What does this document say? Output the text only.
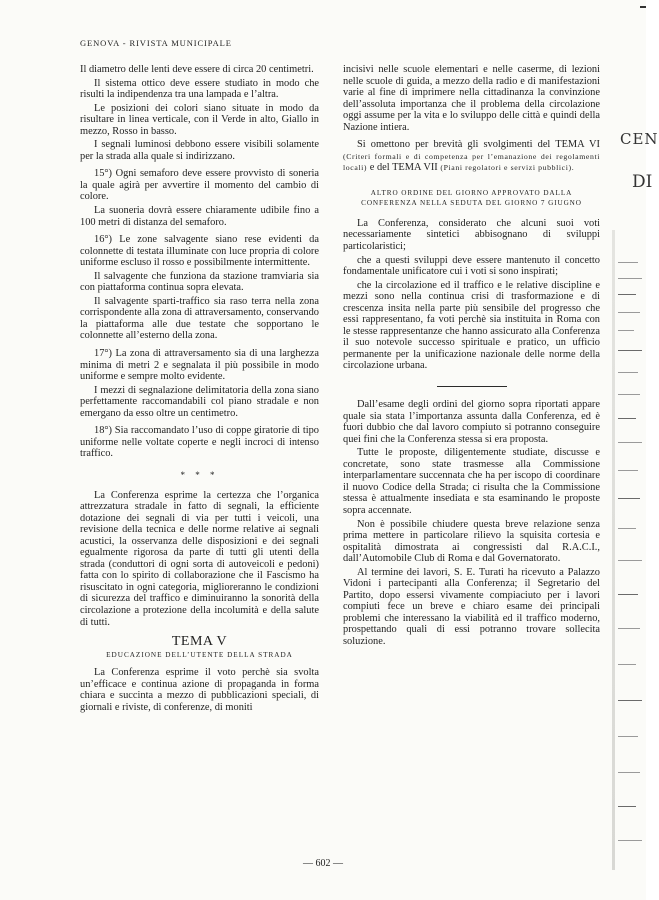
GENOVA - RIVISTA MUNICIPALE

Il diametro delle lenti deve essere di circa 20 centimetri.

Il sistema ottico deve essere studiato in modo che risulti la indipendenza tra una lampada e l’altra.

Le posizioni dei colori siano situate in modo da risultare in linea verticale, con il Verde in alto, Giallo in mezzo, Rosso in basso.

I segnali luminosi debbono essere visibili solamente per la strada alla quale si indirizzano.

15°) Ogni semaforo deve essere provvisto di soneria la quale agirà per avvertire il momento del cambio di colore.

La suoneria dovrà essere chiaramente udibile fino a 100 metri di distanza del semaforo.

16°) Le zone salvagente siano rese evidenti da colonnette di testata illuminate con luce propria di colore uniforme escluso il rosso e possibilmente intermittente.

Il salvagente che funziona da stazione tramviaria sia con piattaforma continua sopra elevata.

Il salvagente sparti-traffico sia raso terra nella zona corrispondente alla zona di attraversamento, conservando la piattaforma alle due testate che sopportano le colonnette all’esterno della zona.

17°) La zona di attraversamento sia di una larghezza minima di metri 2 e segnalata il più possibile in modo uniforme e sempre molto evidente.

I mezzi di segnalazione delimitatoria della zona siano perfettamente raccomandabili col piano stradale e non emergano da esso oltre un centimetro.

18°) Sia raccomandato l’uso di coppe giratorie di tipo uniforme nelle voltate coperte e negli incroci di intenso traffico.

* * *

La Conferenza esprime la certezza che l’organica attrezzatura stradale in fatto di segnali, la efficiente dotazione dei segnali di via per tutti i veicoli, una revisione della tecnica e delle norme relative ai segnali acustici, la osservanza delle disposizioni e dei segnali egualmente rigorosa da parte di tutti gli utenti della strada (conduttori di ogni sorta di autoveicoli e pedoni) fatta con lo spirito di collaborazione che il Fascismo ha risuscitato in ogni categoria, miglioreranno le condizioni di sicurezza del traffico e diminuiranno la sonorità della circolazione a protezione della incolumità e della salute di tutti.

TEMA V
EDUCAZIONE DELL’UTENTE DELLA STRADA

La Conferenza esprime il voto perchè sia svolta un’efficace e continua azione di propaganda in forma chiara e succinta a mezzo di pubblicazioni speciali, di giornali e riviste, di conferenze, di moniti

incisivi nelle scuole elementari e nelle caserme, di lezioni nelle scuole di guida, a mezzo della radio e di manifestazioni varie al fine di imprimere nella cittadinanza la convinzione dell’assoluta importanza che il problema della circolazione oggi assume per la vita e lo sviluppo delle città e quindi della Nazione intiera.

Si omettono per brevità gli svolgimenti del TEMA VI (Criteri formali e di competenza per l’emanazione dei regolamenti locali) e del TEMA VII (Piani regolatori e servizi pubblici).

ALTRO ORDINE DEL GIORNO APPROVATO DALLA CONFERENZA NELLA SEDUTA DEL GIORNO 7 GIUGNO

La Conferenza, considerato che alcuni suoi voti necessariamente sintetici abbisognano di sviluppi particolaristici;

che a questi sviluppi deve essere mantenuto il concetto fondamentale unificatore cui i voti si sono inspirati;

che la circolazione ed il traffico e le relative discipline e mezzi sono nella continua crisi di trasformazione e di crescenza insita nella parte più sensibile del progresso che essi rappresentano, fa voti perchè sia instituita in Roma con le stesse rappresentanze che hanno assicurato alla Conferenza il suo notevole successo spirituale e pratico, un ufficio permanente per la unificazione nazionale delle norme della circolazione urbana.

Dall’esame degli ordini del giorno sopra riportati appare quale sia stata l’importanza assunta dalla Conferenza, ed è fuori dubbio che dal lavoro compiuto si potranno conseguire quei fini che la Conferenza stessa si era proposta.

Tutte le proposte, diligentemente studiate, discusse e concretate, sono state trasmesse alla Commissione interparlamentare succennata che ha per iscopo di coordinare il nuovo Codice della Strada; ci risulta che la Commissione stessa è attualmente insediata e sta esaminando le proposte sopra accennate.

Non è possibile chiudere questa breve relazione senza prima mettere in particolare rilievo la squisita cortesia e ospitalità dimostrata ai congressisti dal R.A.C.I., dall’Automobile Club di Roma e dal Governatorato.

Al termine dei lavori, S. E. Turati ha ricevuto a Palazzo Vidoni i partecipanti alla Conferenza; il Segretario del Partito, dopo essersi vivamente compiaciuto per i lavori compiuti fece un breve e chiaro esame dei principali problemi che interessano la viabilità ed il traffico moderno, prospettando quali di essi potranno trovare sollecita soluzione.

— 602 —
CEN
DI
